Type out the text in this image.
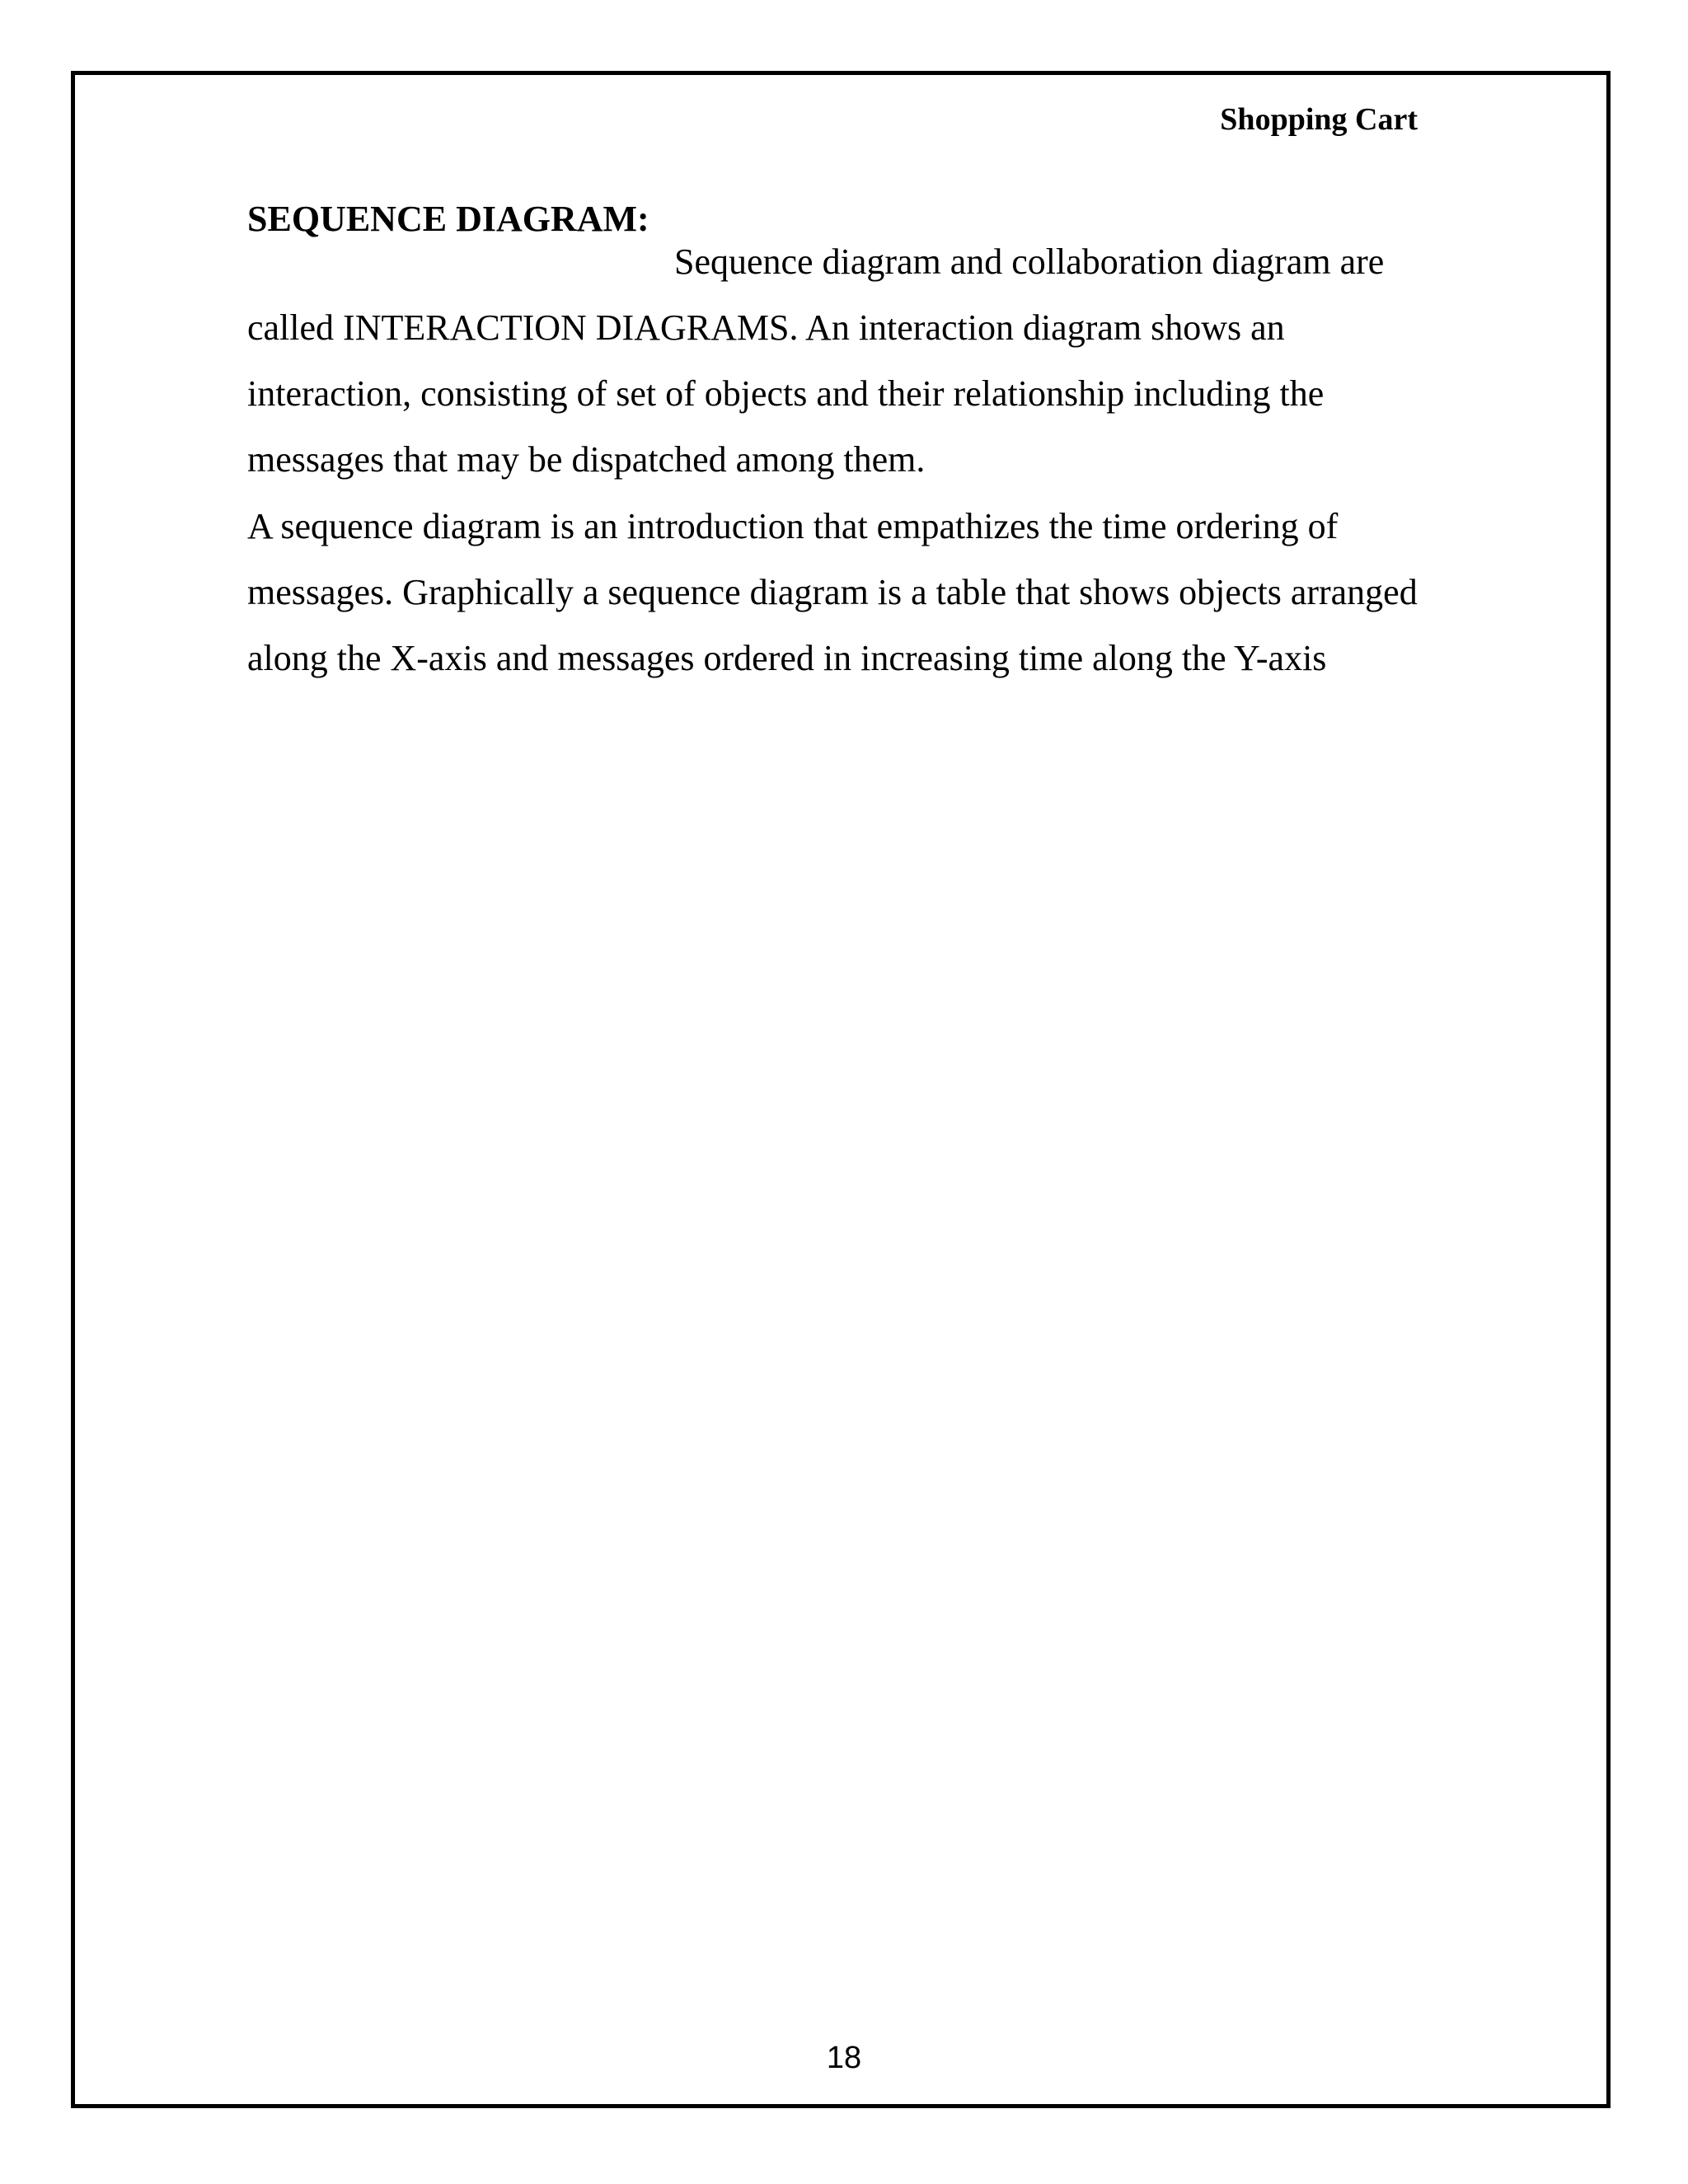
Shopping Cart
SEQUENCE DIAGRAM:

Sequence diagram and collaboration diagram are called INTERACTION DIAGRAMS. An interaction diagram shows an interaction, consisting of set of objects and their relationship including the messages that may be dispatched among them.

A sequence diagram is an introduction that empathizes the time ordering of messages. Graphically a sequence diagram is a table that shows objects arranged along the X-axis and messages ordered in increasing time along the Y-axis

18
